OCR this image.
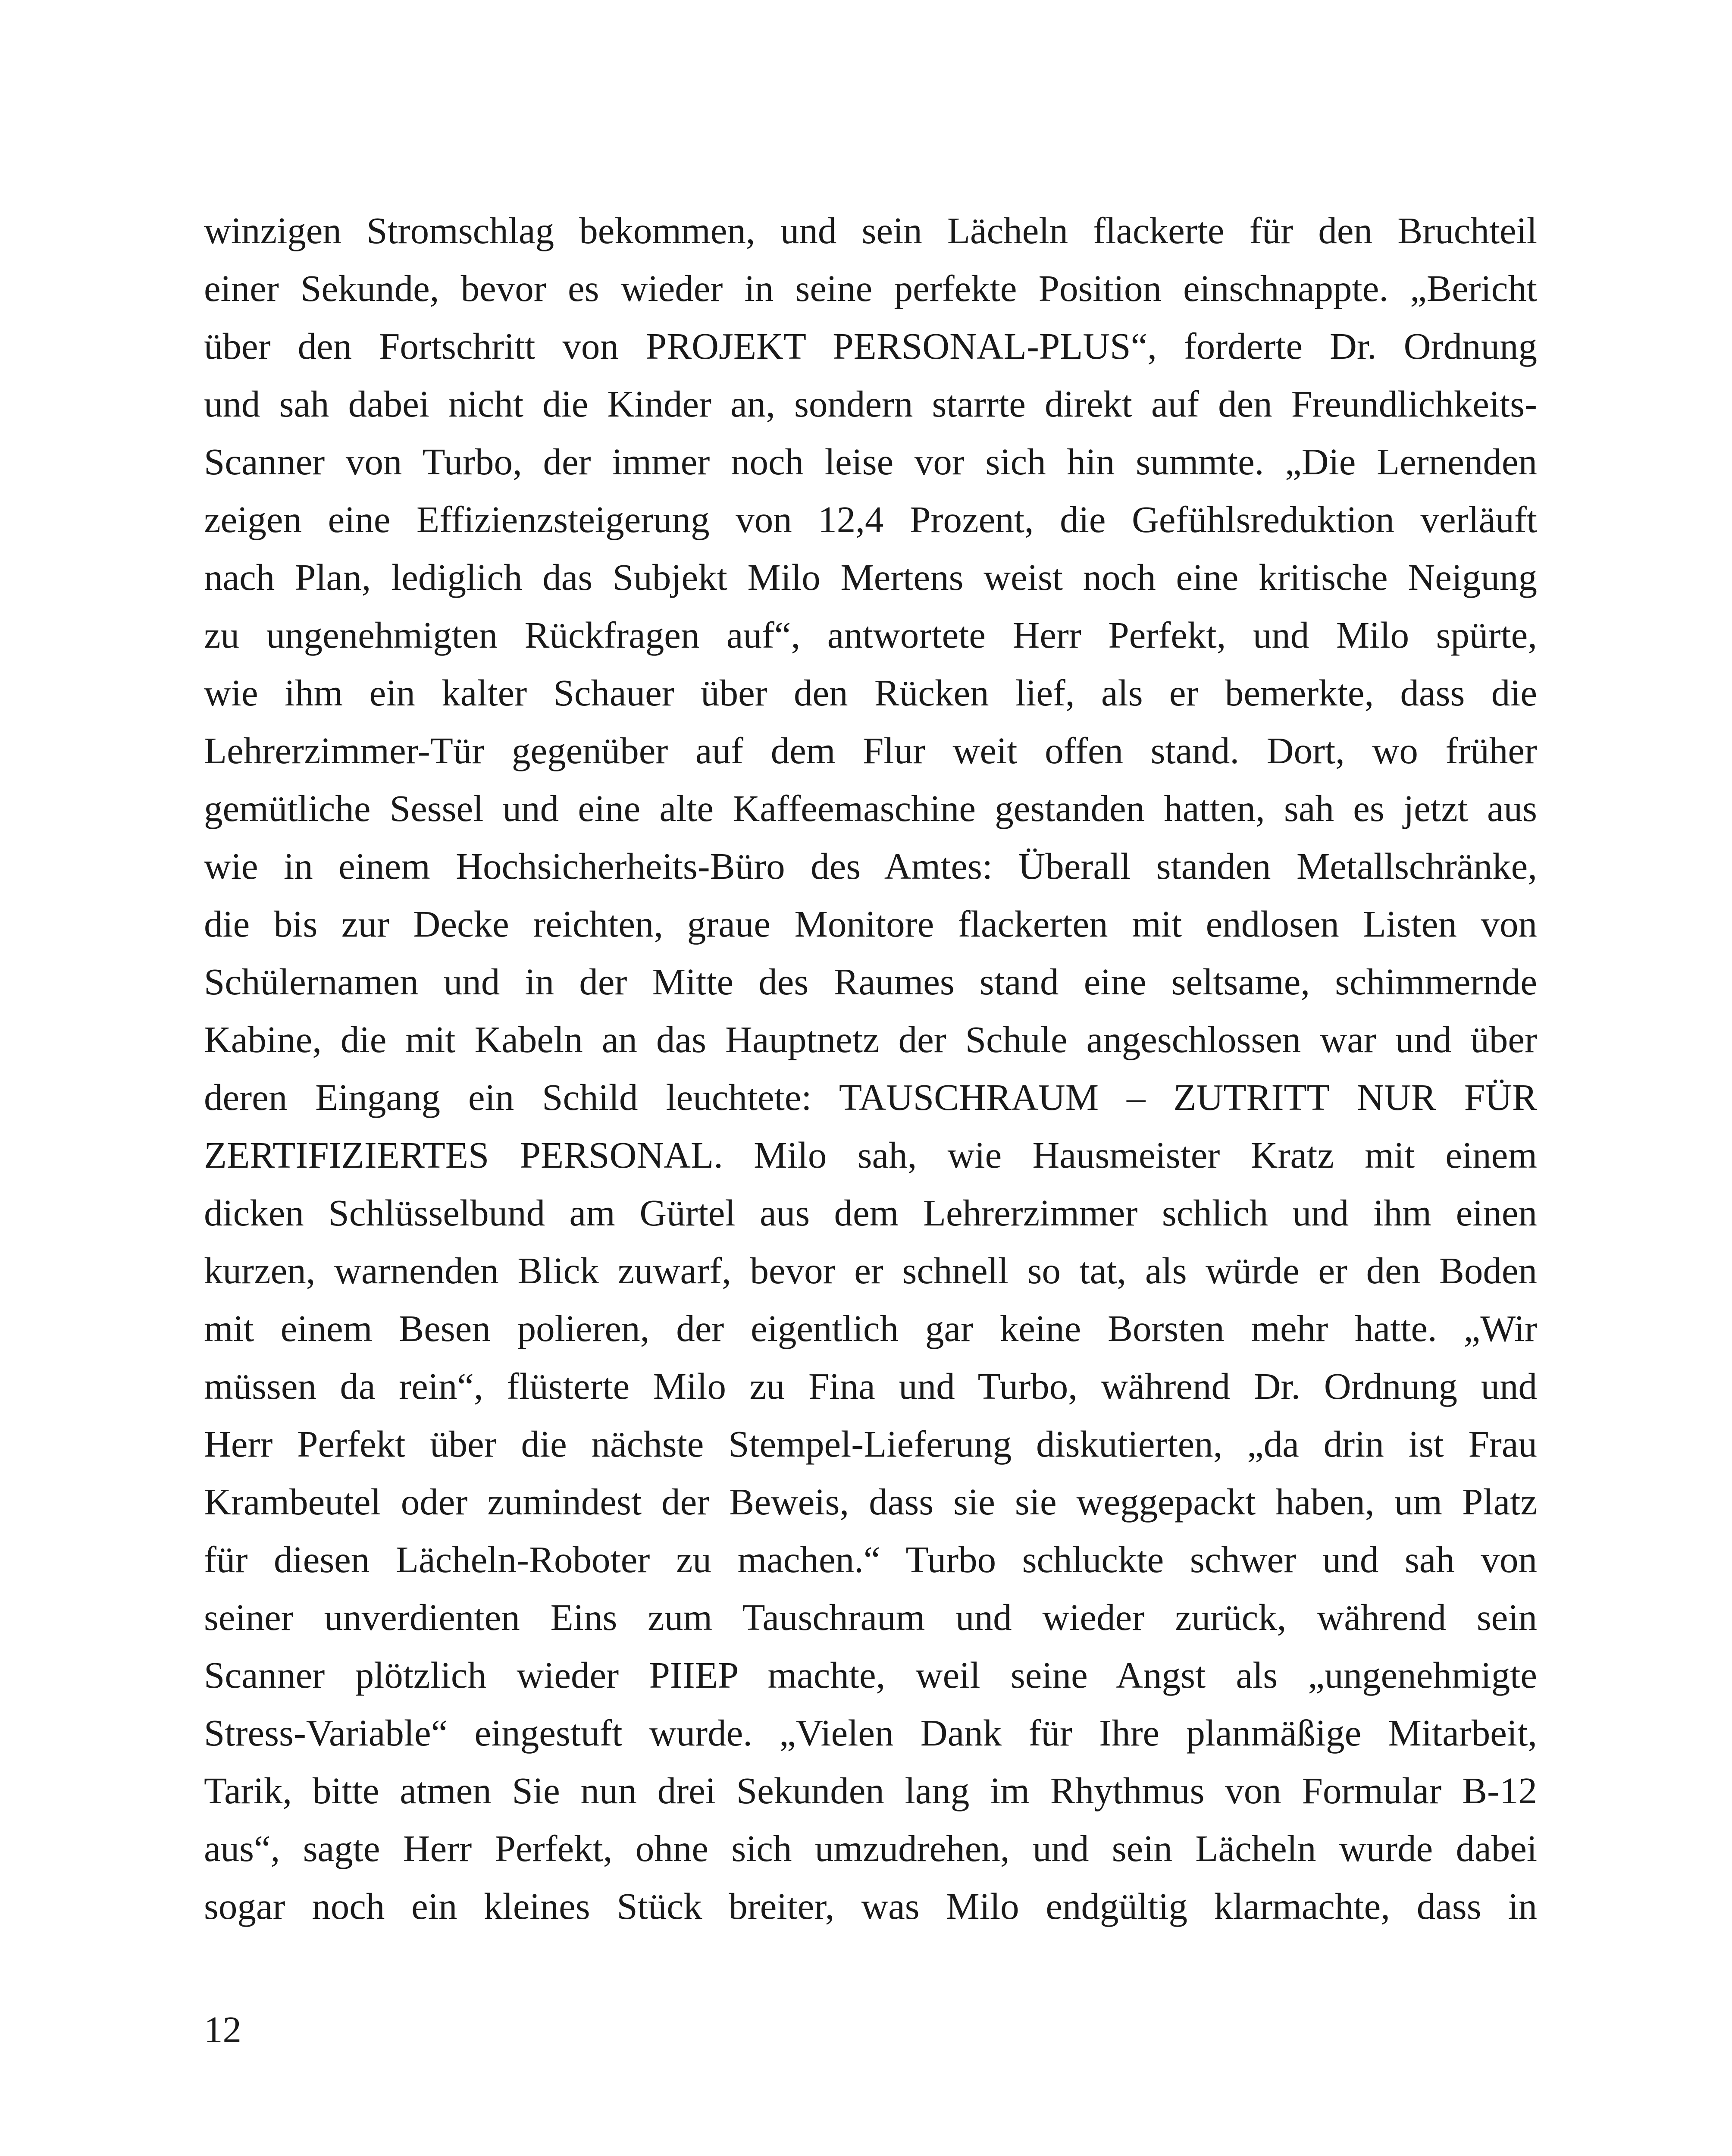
winzigen Stromschlag bekommen, und sein Lächeln flackerte für den Bruchteil
einer Sekunde, bevor es wieder in seine perfekte Position einschnappte. „Bericht
über den Fortschritt von PROJEKT PERSONAL-PLUS“, forderte Dr. Ordnung
und sah dabei nicht die Kinder an, sondern starrte direkt auf den Freundlichkeits-
Scanner von Turbo, der immer noch leise vor sich hin summte. „Die Lernenden
zeigen eine Effizienzsteigerung von 12,4 Prozent, die Gefühlsreduktion verläuft
nach Plan, lediglich das Subjekt Milo Mertens weist noch eine kritische Neigung
zu ungenehmigten Rückfragen auf“, antwortete Herr Perfekt, und Milo spürte,
wie ihm ein kalter Schauer über den Rücken lief, als er bemerkte, dass die
Lehrerzimmer-Tür gegenüber auf dem Flur weit offen stand. Dort, wo früher
gemütliche Sessel und eine alte Kaffeemaschine gestanden hatten, sah es jetzt aus
wie in einem Hochsicherheits-Büro des Amtes: Überall standen Metallschränke,
die bis zur Decke reichten, graue Monitore flackerten mit endlosen Listen von
Schülernamen und in der Mitte des Raumes stand eine seltsame, schimmernde
Kabine, die mit Kabeln an das Hauptnetz der Schule angeschlossen war und über
deren Eingang ein Schild leuchtete: TAUSCHRAUM – ZUTRITT NUR FÜR
ZERTIFIZIERTES PERSONAL. Milo sah, wie Hausmeister Kratz mit einem
dicken Schlüsselbund am Gürtel aus dem Lehrerzimmer schlich und ihm einen
kurzen, warnenden Blick zuwarf, bevor er schnell so tat, als würde er den Boden
mit einem Besen polieren, der eigentlich gar keine Borsten mehr hatte. „Wir
müssen da rein“, flüsterte Milo zu Fina und Turbo, während Dr. Ordnung und
Herr Perfekt über die nächste Stempel-Lieferung diskutierten, „da drin ist Frau
Krambeutel oder zumindest der Beweis, dass sie sie weggepackt haben, um Platz
für diesen Lächeln-Roboter zu machen.“ Turbo schluckte schwer und sah von
seiner unverdienten Eins zum Tauschraum und wieder zurück, während sein
Scanner plötzlich wieder PIIEP machte, weil seine Angst als „ungenehmigte
Stress-Variable“ eingestuft wurde. „Vielen Dank für Ihre planmäßige Mitarbeit,
Tarik, bitte atmen Sie nun drei Sekunden lang im Rhythmus von Formular B-12
aus“, sagte Herr Perfekt, ohne sich umzudrehen, und sein Lächeln wurde dabei
sogar noch ein kleines Stück breiter, was Milo endgültig klarmachte, dass in
12
